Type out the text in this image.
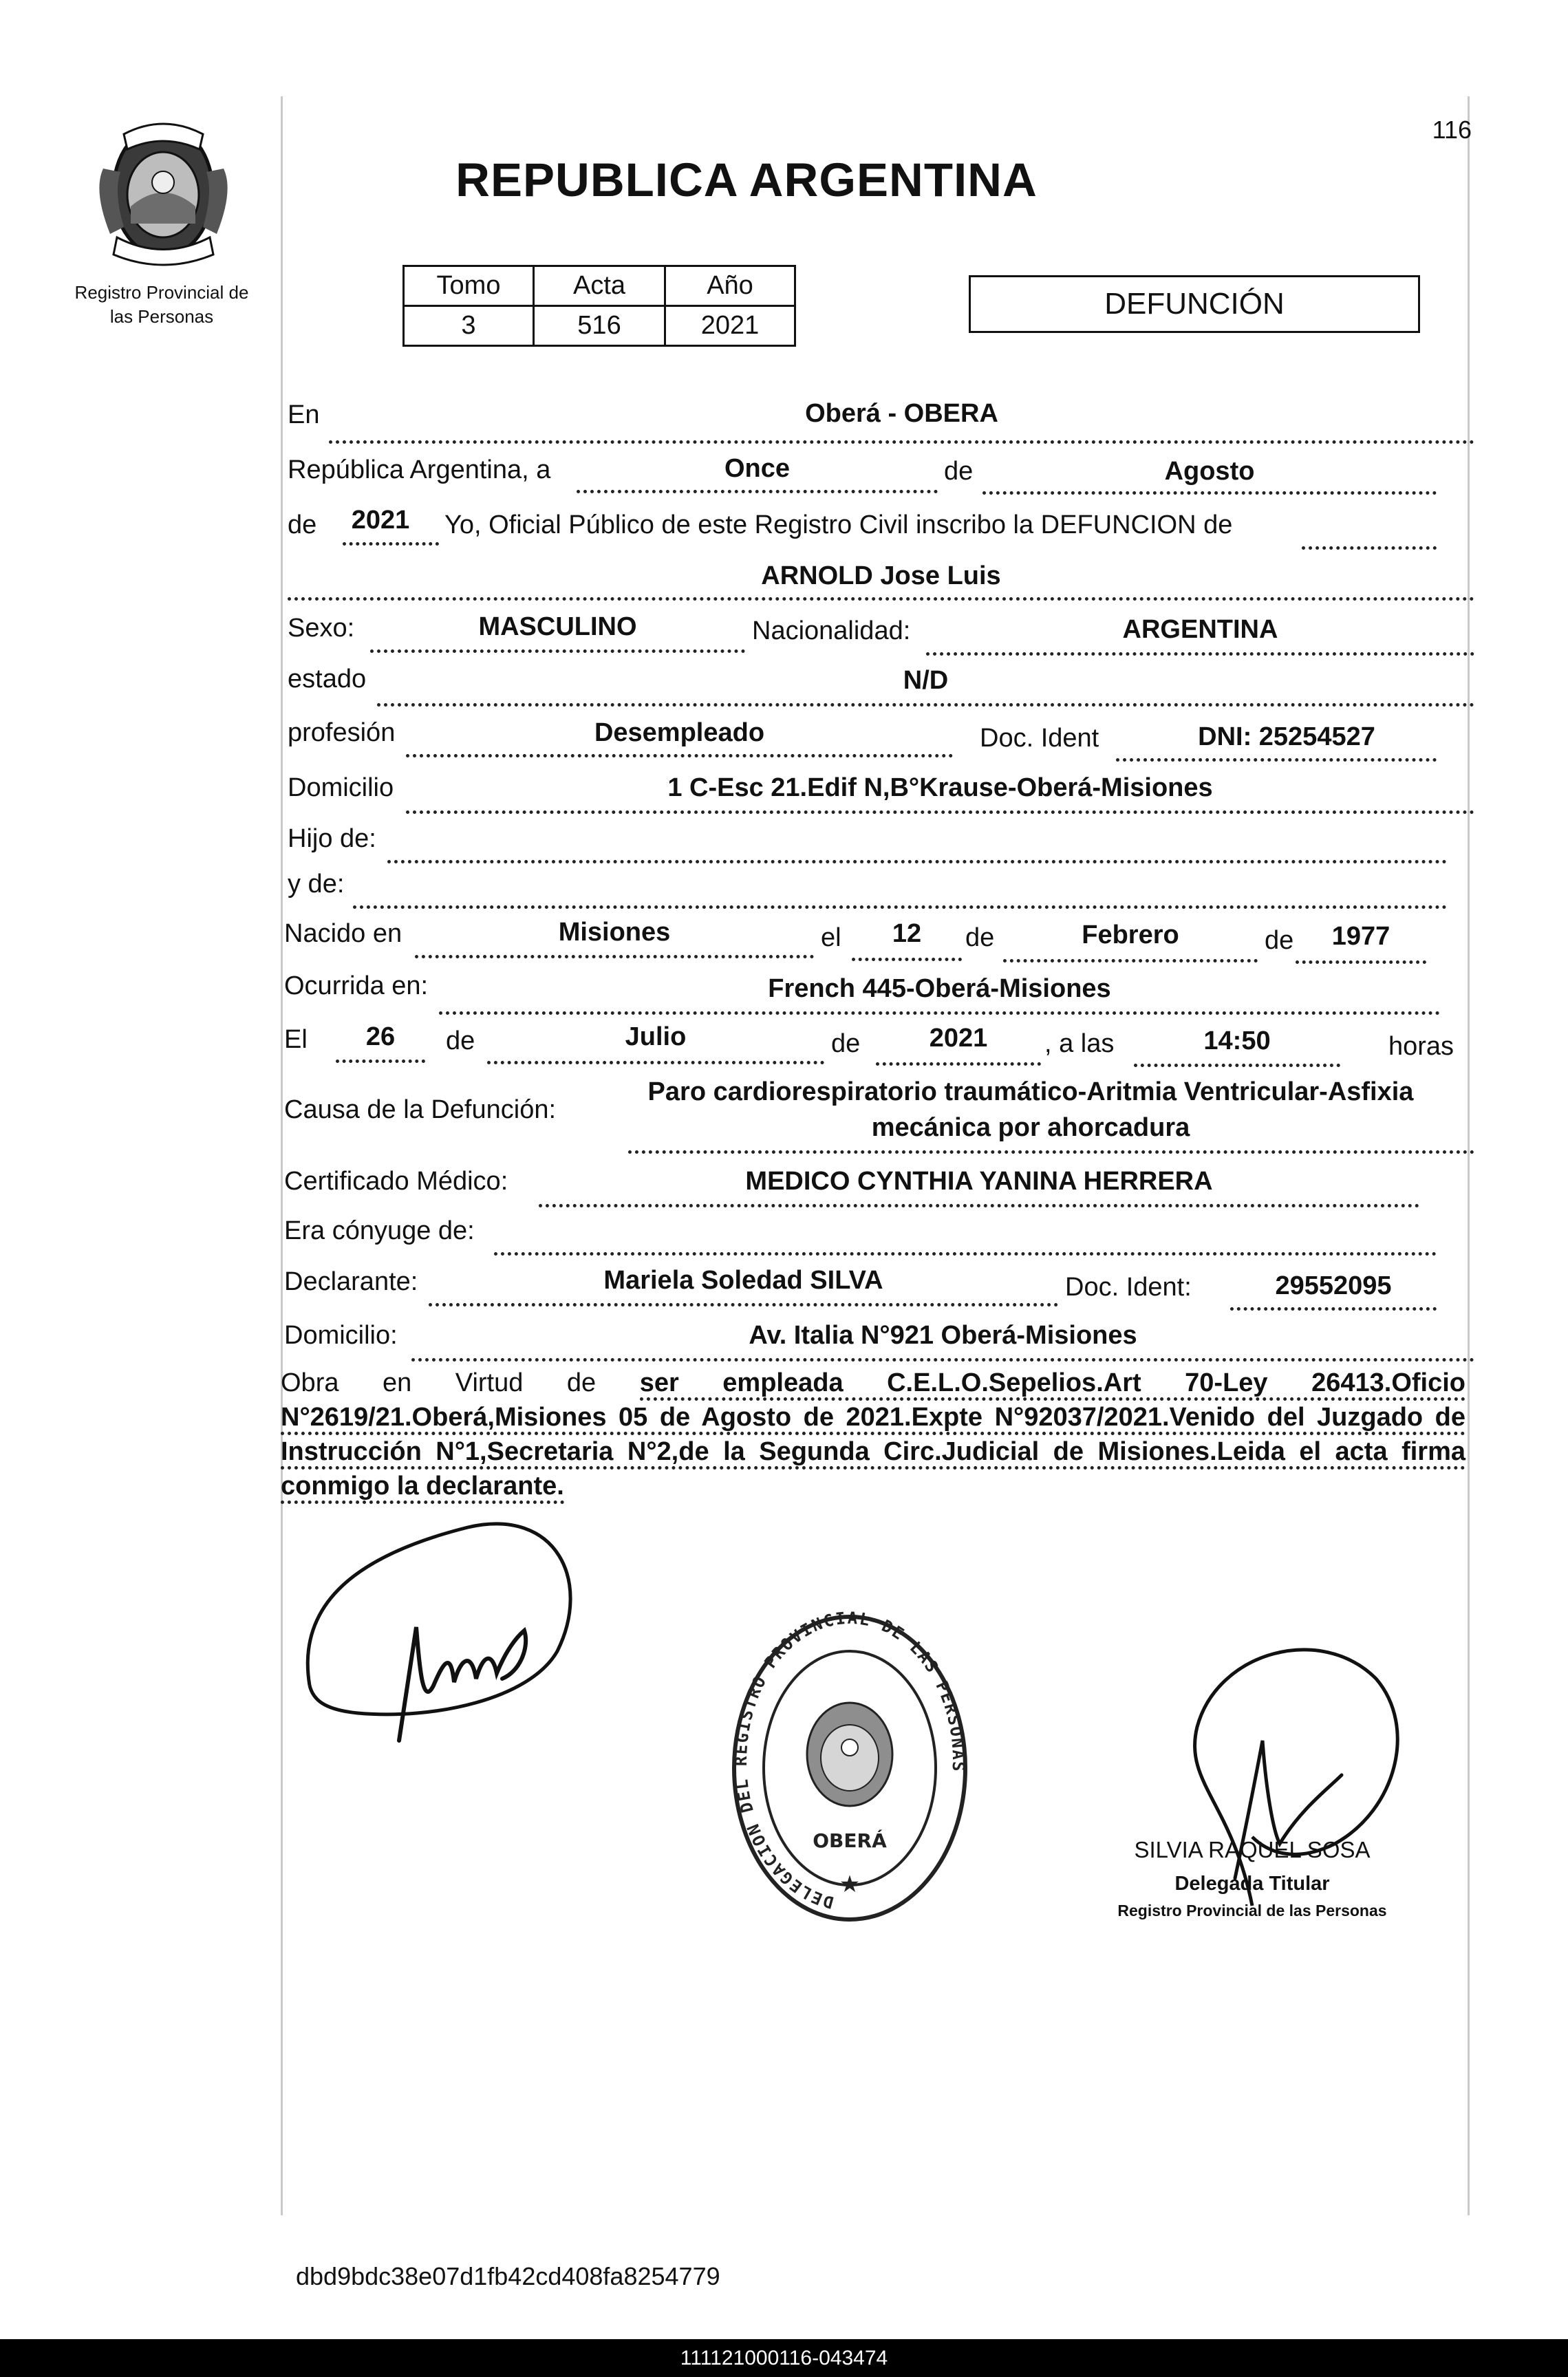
Registro Provincial de
las Personas
116
REPUBLICA ARGENTINA
Tomo	Acta	Año
3	516	2021
DEFUNCIÓN
En	Oberá - OBERA
República Argentina, a	Once	de	Agosto
de	2021	Yo, Oficial Público de este Registro Civil inscribo la DEFUNCION de
ARNOLD Jose Luis
Sexo:	MASCULINO	Nacionalidad:	ARGENTINA
estado	N/D
profesión	Desempleado	Doc. Ident	DNI: 25254527
Domicilio	1 C-Esc 21.Edif N,B°Krause-Oberá-Misiones
Hijo de:
y de:
Nacido en	Misiones	el	12	de	Febrero	de	1977
Ocurrida en:	French 445-Oberá-Misiones
El	26	de	Julio	de	2021	, a las	14:50	horas
Causa de la Defunción:
Paro cardiorespiratorio traumático-Aritmia Ventricular-Asfixia
mecánica por ahorcadura
Certificado Médico:	MEDICO CYNTHIA YANINA HERRERA
Era cónyuge de:
Declarante:	Mariela Soledad SILVA	Doc. Ident:	29552095
Domicilio:	Av. Italia N°921 Oberá-Misiones
Obra en Virtud de ser empleada C.E.L.O.Sepelios.Art 70-Ley 26413.Oficio N°2619/21.Oberá,Misiones 05 de Agosto de 2021.Expte N°92037/2021.Venido del Juzgado de Instrucción N°1,Secretaria N°2,de la Segunda Circ.Judicial de Misiones.Leida el acta firma conmigo la declarante.
DELEGACION DEL REGISTRO PROVINCIAL DE LAS PERSONAS
OBERÁ
★
SILVIA RAQUEL SOSA
Delegada Titular
Registro Provincial de las Personas
dbd9bdc38e07d1fb42cd408fa8254779
111121000116-043474
